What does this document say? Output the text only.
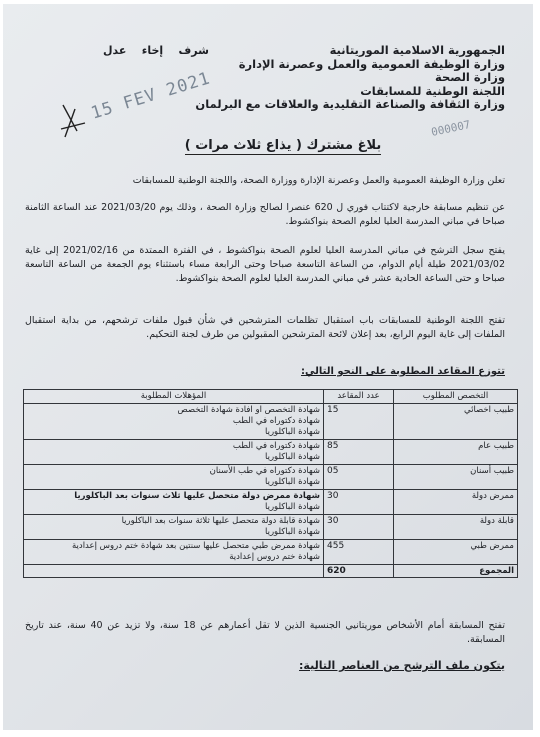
الجمهورية الاسلامية الموريتانية
وزارة الوظيفة العمومية والعمل وعصرنة الإدارة
وزارة الصحة
اللجنة الوطنية للمسابقات
وزارة الثقافة والصناعة التقليدية والعلاقات مع البرلمان
شرف    إخاء    عدل
15 FEV 2021
000007
بلاغ مشترك ( يذاع ثلاث مرات )
تعلن وزارة الوظيفة العمومية والعمل وعصرنة الإدارة ووزارة الصحة، واللجنة الوطنية للمسابقات
عن تنظيم مسابقة خارجية لاكتتاب فوري ل 620 عنصرا لصالح وزارة الصحة ، وذلك يوم 2021/03/20 عند الساعة الثامنة صباحا في مباني المدرسة العليا لعلوم الصحة بنواكشوط.
يفتح سجل الترشح في مباني المدرسة العليا لعلوم الصحة بنواكشوط ، في الفترة الممتدة من 2021/02/16 إلى غاية 2021/03/02 طيلة أيام الدوام، من الساعة التاسعة صباحا وحتى الرابعة مساء باستثناء يوم الجمعة من الساعة التاسعة صباحا و حتى الساعة الحادية عشر في مباني المدرسة العليا لعلوم الصحة بنواكشوط.
تفتح اللجنة الوطنية للمسابقات باب استقبال تظلمات المترشحين في شأن قبول ملفات ترشحهم، من بداية استقبال الملفات إلى غاية اليوم الرابع، بعد إعلان لائحة المترشحين المقبولين من طرف لجنة التحكيم.
تتوزع المقاعد المطلوبة على النحو التالي:
التخصص المطلوب	عدد المقاعد	المؤهلات المطلوبة
طبيب اخصائي	15	شهادة التخصص او افادة شهادة التخصص
شهادة دكتوراه في الطب
شهادة الباكلوريا

طبيب عام	85	شهادة دكتوراه في الطب
شهادة الباكلوريا

طبيب أسنان	05	شهادة دكتوراه في طب الأسنان
شهادة الباكلوريا

ممرض دولة	30	شهادة ممرض دولة متحصل عليها ثلاث سنوات بعد الباكلوريا
شهادة الباكلوريا

قابلة دولة	30	شهادة قابلة دولة متحصل عليها ثلاثة سنوات بعد الباكلوريا
شهادة الباكلوريا

ممرض طبي	455	شهادة ممرض طبي متحصل عليها سنتين بعد شهادة ختم دروس إعدادية
شهادة ختم دروس إعدادية

المجموع	620	
تفتح المسابقة أمام الأشخاص موريتانيي الجنسية الذين لا تقل أعمارهم عن 18 سنة، ولا تزيد عن 40 سنة، عند تاريخ المسابقة.
يتكون ملف الترشح من العناصر التالية:
